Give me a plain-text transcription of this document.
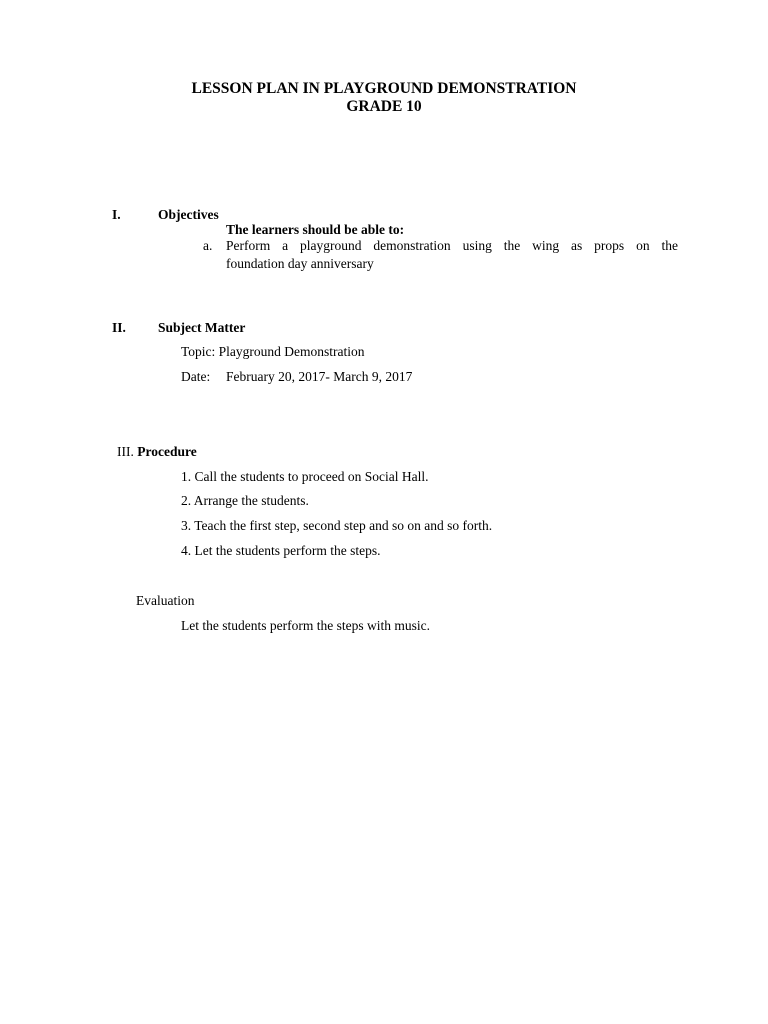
LESSON PLAN IN PLAYGROUND DEMONSTRATION
GRADE 10
I.	Objectives
The learners should be able to:
a. Perform a playground demonstration using the wing as props on the
foundation day anniversary
II. Subject Matter
Topic: Playground Demonstration
Date: February 20, 2017- March 9, 2017
III. Procedure
1. Call the students to proceed on Social Hall.
2. Arrange the students.
3. Teach the first step, second step and so on and so forth.
4. Let the students perform the steps.
Evaluation
Let the students perform the steps with music.
